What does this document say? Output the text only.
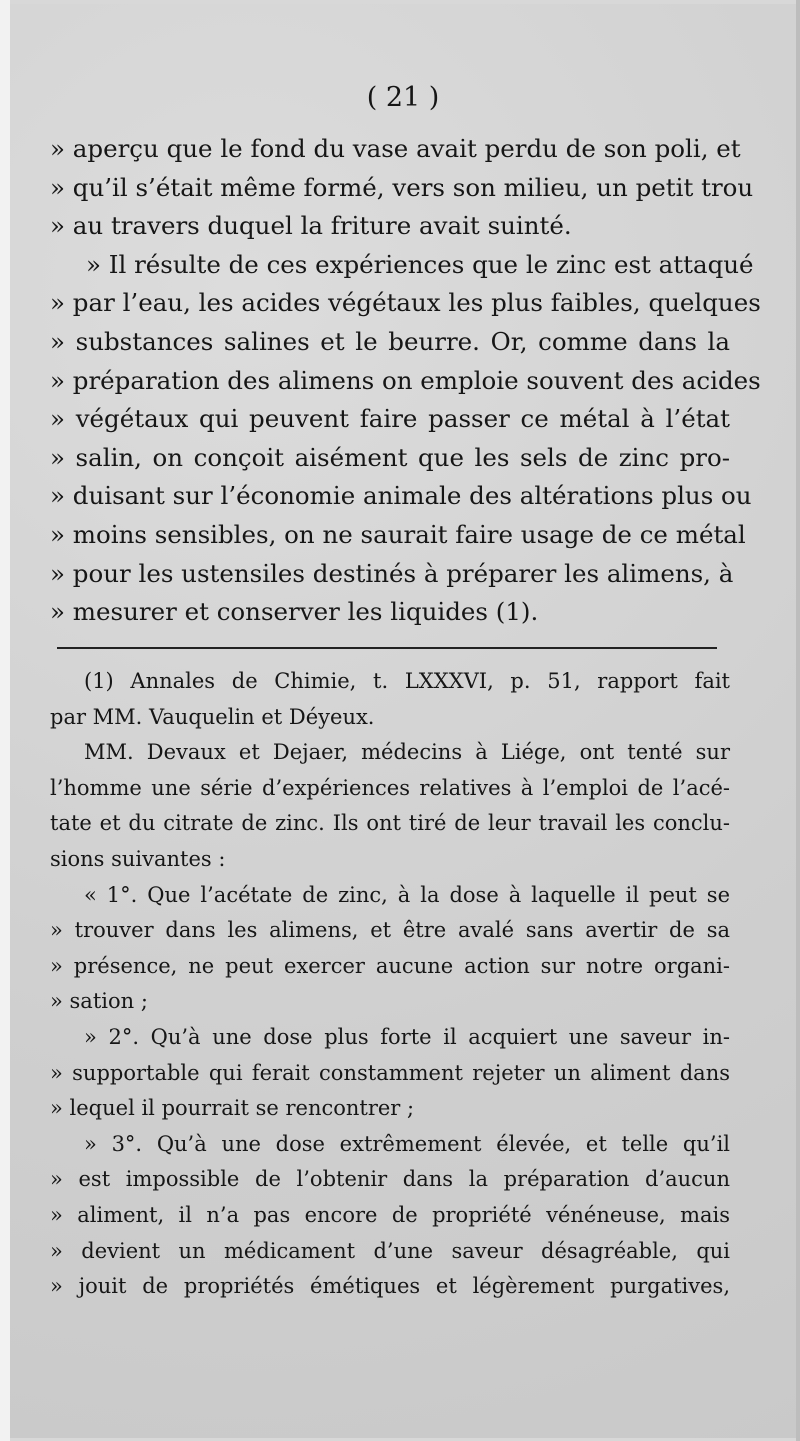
( 21 )
» aperçu que le fond du vase avait perdu de son poli, et
» qu’il s’était même formé, vers son milieu, un petit trou
» au travers duquel la friture avait suinté.
» Il résulte de ces expériences que le zinc est attaqué
» par l’eau, les acides végétaux les plus faibles, quelques
» substances salines et le beurre. Or, comme dans la
» préparation des alimens on emploie souvent des acides
» végétaux qui peuvent faire passer ce métal à l’état
» salin, on conçoit aisément que les sels de zinc pro-
» duisant sur l’économie animale des altérations plus ou
» moins sensibles, on ne saurait faire usage de ce métal
» pour les ustensiles destinés à préparer les alimens, à
» mesurer et conserver les liquides (1).
(1) Annales de Chimie, t. LXXXVI, p. 51, rapport fait
par MM. Vauquelin et Déyeux.
MM. Devaux et Dejaer, médecins à Liége, ont tenté sur
l’homme une série d’expériences relatives à l’emploi de l’acé-
tate et du citrate de zinc. Ils ont tiré de leur travail les conclu-
sions suivantes :
« 1°. Que l’acétate de zinc, à la dose à laquelle il peut se
» trouver dans les alimens, et être avalé sans avertir de sa
» présence, ne peut exercer aucune action sur notre organi-
» sation ;
» 2°. Qu’à une dose plus forte il acquiert une saveur in-
» supportable qui ferait constamment rejeter un aliment dans
» lequel il pourrait se rencontrer ;
» 3°. Qu’à une dose extrêmement élevée, et telle qu’il
» est impossible de l’obtenir dans la préparation d’aucun
» aliment, il n’a pas encore de propriété vénéneuse, mais
» devient un médicament d’une saveur désagréable, qui
» jouit de propriétés émétiques et légèrement purgatives,
